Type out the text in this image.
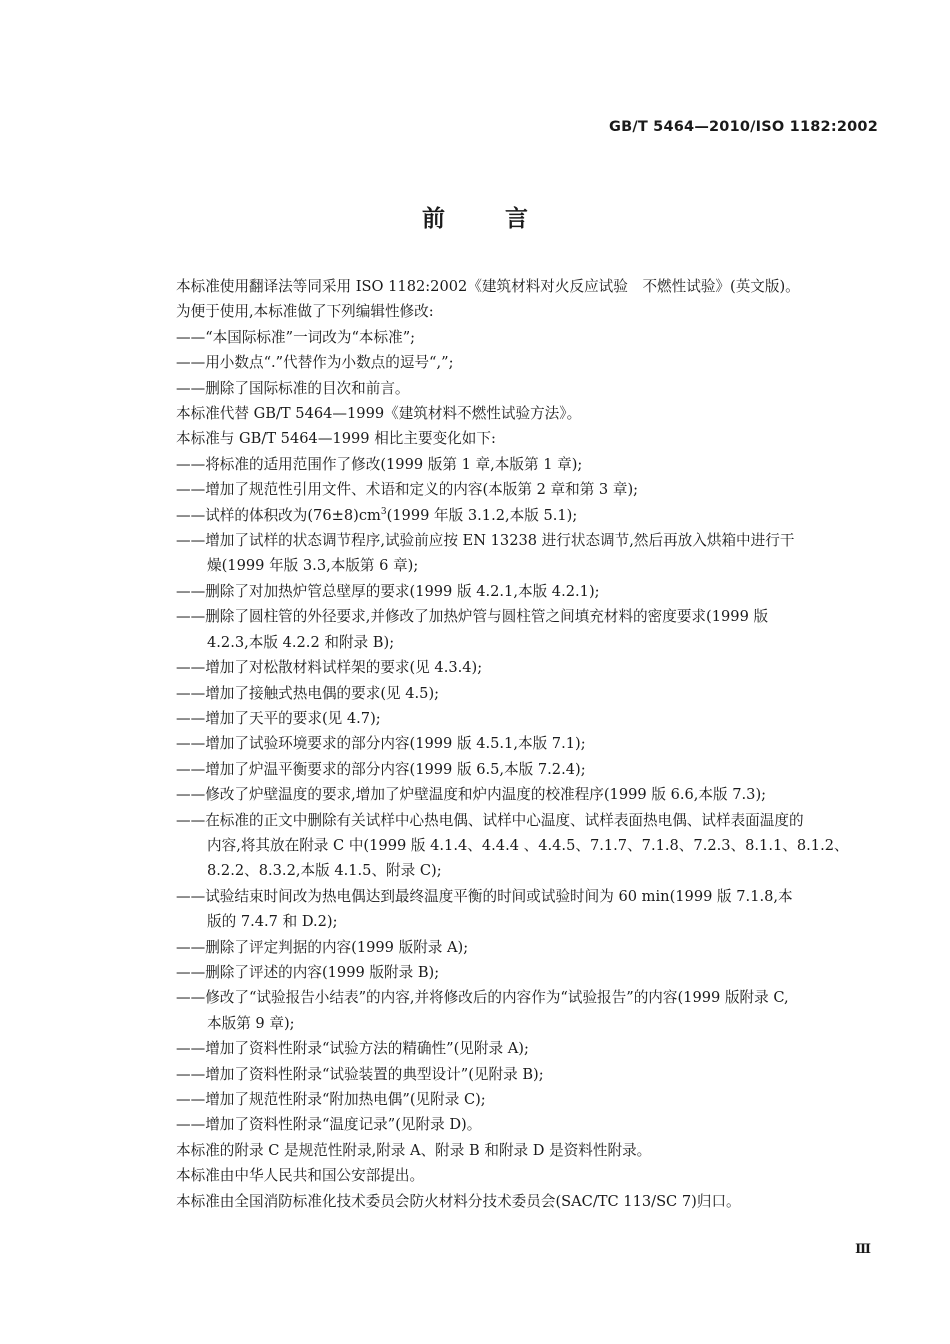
GB/T 5464—2010/ISO 1182:2002
前言
本标准使用翻译法等同采用 ISO 1182:2002《建筑材料对火反应试验　不燃性试验》(英文版)。
为便于使用,本标准做了下列编辑性修改:
——“本国际标准”一词改为“本标准”;
——用小数点“.”代替作为小数点的逗号“,”;
——删除了国际标准的目次和前言。
本标准代替 GB/T 5464—1999《建筑材料不燃性试验方法》。
本标准与 GB/T 5464—1999 相比主要变化如下:
——将标准的适用范围作了修改(1999 版第 1 章,本版第 1 章);
——增加了规范性引用文件、术语和定义的内容(本版第 2 章和第 3 章);
——试样的体积改为$(76\pm 8)cm^3(1999$ 年版 3.1.2,本版 5.1);
——增加了试样的状态调节程序,试验前应按 EN 13238 进行状态调节,然后再放入烘箱中进行干
燥(1999 年版 3.3,本版第 6 章);
——删除了对加热炉管总壁厚的要求(1999 版 4.2.1,本版 4.2.1);
——删除了圆柱管的外径要求,并修改了加热炉管与圆柱管之间填充材料的密度要求(1999 版
4.2.3,本版 4.2.2 和附录 B);
——增加了对松散材料试样架的要求(见 4.3.4);
——增加了接触式热电偶的要求(见 4.5);
——增加了天平的要求(见 4.7);
——增加了试验环境要求的部分内容(1999 版 4.5.1,本版 7.1);
——增加了炉温平衡要求的部分内容(1999 版 6.5,本版 7.2.4);
——修改了炉壁温度的要求,增加了炉壁温度和炉内温度的校准程序(1999 版 6.6,本版 7.3);
——在标准的正文中删除有关试样中心热电偶、试样中心温度、试样表面热电偶、试样表面温度的
内容,将其放在附录 C 中(1999 版 4.1.4、4.4.4 、4.4.5、7.1.7、7.1.8、7.2.3、8.1.1、8.1.2、
8.2.2、8.3.2,本版 4.1.5、附录 C);
——试验结束时间改为热电偶达到最终温度平衡的时间或试验时间为 60 min(1999 版 7.1.8,本
版的 7.4.7 和 D.2);
——删除了评定判据的内容(1999 版附录 A);
——删除了评述的内容(1999 版附录 B);
——修改了“试验报告小结表”的内容,并将修改后的内容作为“试验报告”的内容(1999 版附录 C,
本版第 9 章);
——增加了资料性附录“试验方法的精确性”(见附录 A);
——增加了资料性附录“试验装置的典型设计”(见附录 B);
——增加了规范性附录“附加热电偶”(见附录 C);
——增加了资料性附录“温度记录”(见附录 D)。
本标准的附录 C 是规范性附录,附录 A、附录 B 和附录 D 是资料性附录。
本标准由中华人民共和国公安部提出。
本标准由全国消防标准化技术委员会防火材料分技术委员会(SAC/TC 113/SC 7)归口。
Ⅲ
